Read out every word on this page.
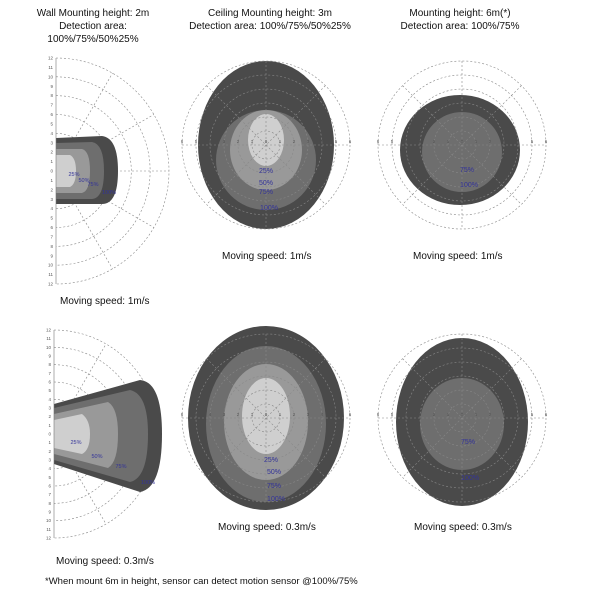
Wall Mounting height: 2m
Detection area:
100%/75%/50%25%
Ceiling Mounting height: 3m
Detection area: 100%/75%/50%25%
Mounting height: 6m(*)
Detection area: 100%/75%
12
11
10
9
8
7
6
5
4
3
2
1
0
1
2
3
4
5
6
7
8
9
10
11
12
25%
50%
75%
100%
6	5	4	3	2	1	0	1	2	3	4	5	6
25%
50%
75%
100%
6	5	4	3	2	1	0	1	2	3	4	5	6
75%
100%
12
11
10
9
8
7
6
5
4
3
2
1
0
1
2
3
4
5
6
7
8
9
10
11
12
25%
50%
75%
100%
6	5	4	3	2	1	0	1	2	3	4	5	6
25%
50%
75%
100%
6	5	4	3	2	1	0	1	2	3	4	5	6
75%
100%
Moving speed: 1m/s	Moving speed: 1m/s
Moving speed: 1m/s
Moving speed: 0.3m/s	Moving speed: 0.3m/s
Moving speed: 0.3m/s
*When mount 6m in height, sensor can detect motion sensor @100%/75%
